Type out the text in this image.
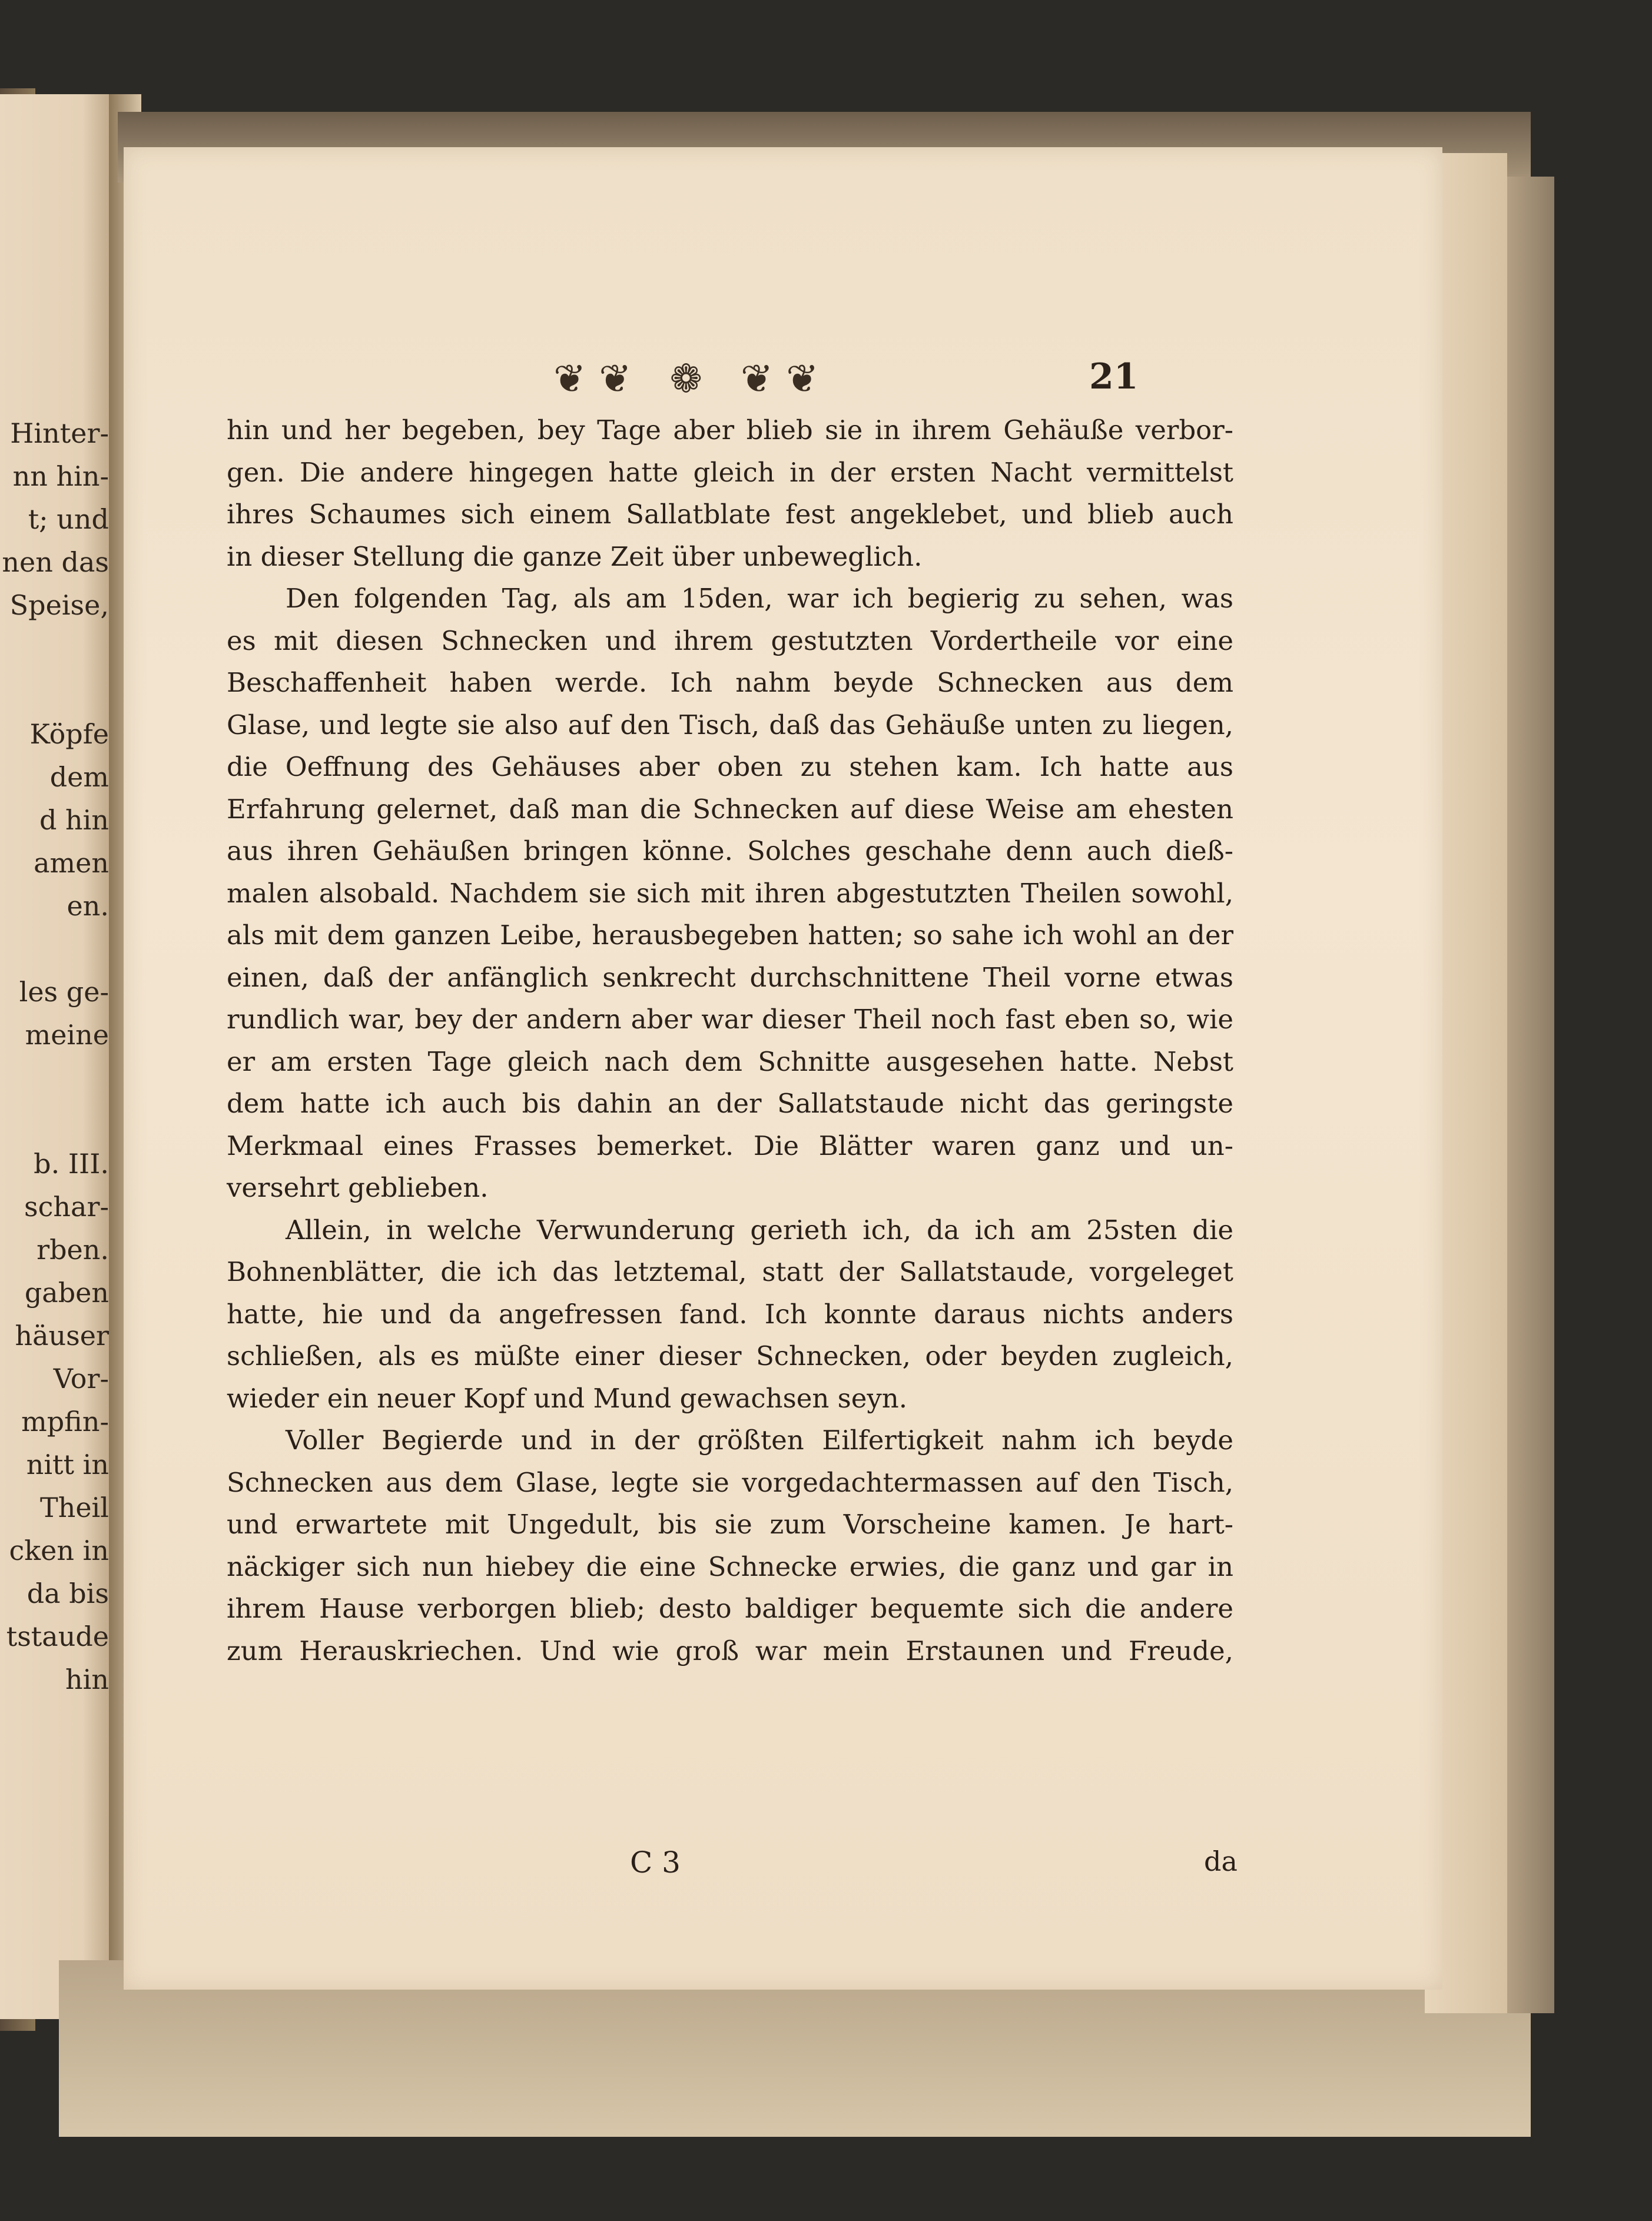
Hinter-
nn hin-
t; und
nen das
Speise,

Köpfe
dem
d hin
amen
en.

les ge-
meine

b. III.
schar-
rben.
gaben
häuser
Vor-
mpfin-
nitt in
Theil
cken in
da bis
tstaude
hin
❦❦ ❁ ❦❦	21
hin und her begeben, bey Tage aber blieb sie in ihrem Gehäuße verbor-
gen. Die andere hingegen hatte gleich in der ersten Nacht vermittelst
ihres Schaumes sich einem Sallatblate fest angeklebet, und blieb auch
in dieser Stellung die ganze Zeit über unbeweglich.
Den folgenden Tag, als am 15den, war ich begierig zu sehen, was
es mit diesen Schnecken und ihrem gestutzten Vordertheile vor eine
Beschaffenheit haben werde. Ich nahm beyde Schnecken aus dem
Glase, und legte sie also auf den Tisch, daß das Gehäuße unten zu liegen,
die Oeffnung des Gehäuses aber oben zu stehen kam. Ich hatte aus
Erfahrung gelernet, daß man die Schnecken auf diese Weise am ehesten
aus ihren Gehäußen bringen könne. Solches geschahe denn auch dieß-
malen alsobald. Nachdem sie sich mit ihren abgestutzten Theilen sowohl,
als mit dem ganzen Leibe, herausbegeben hatten; so sahe ich wohl an der
einen, daß der anfänglich senkrecht durchschnittene Theil vorne etwas
rundlich war, bey der andern aber war dieser Theil noch fast eben so, wie
er am ersten Tage gleich nach dem Schnitte ausgesehen hatte. Nebst
dem hatte ich auch bis dahin an der Sallatstaude nicht das geringste
Merkmaal eines Frasses bemerket. Die Blätter waren ganz und un-
versehrt geblieben.
Allein, in welche Verwunderung gerieth ich, da ich am 25sten die
Bohnenblätter, die ich das letztemal, statt der Sallatstaude, vorgeleget
hatte, hie und da angefressen fand. Ich konnte daraus nichts anders
schließen, als es müßte einer dieser Schnecken, oder beyden zugleich,
wieder ein neuer Kopf und Mund gewachsen seyn.
Voller Begierde und in der größten Eilfertigkeit nahm ich beyde
Schnecken aus dem Glase, legte sie vorgedachtermassen auf den Tisch,
und erwartete mit Ungedult, bis sie zum Vorscheine kamen. Je hart-
näckiger sich nun hiebey die eine Schnecke erwies, die ganz und gar in
ihrem Hause verborgen blieb; desto baldiger bequemte sich die andere
zum Herauskriechen. Und wie groß war mein Erstaunen und Freude,
C 3	da
